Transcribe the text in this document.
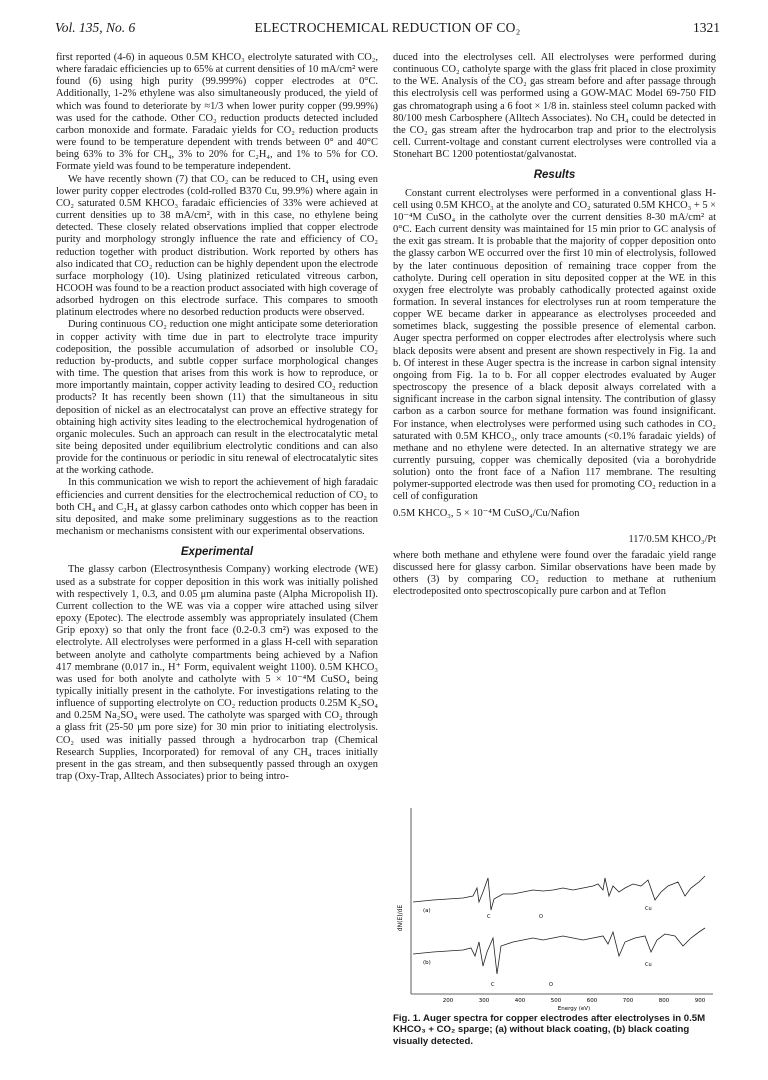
Vol. 135, No. 6	ELECTROCHEMICAL REDUCTION OF CO₂	1321

first reported (4-6) in aqueous 0.5M KHCO₃ electrolyte saturated with CO₂, where faradaic efficiencies up to 65% at current densities of 10 mA/cm² were found (6) using high purity (99.999%) copper electrodes at 0°C. Additionally, 1-2% ethylene was also simultaneously produced, the yield of which was found to deteriorate by ≈1/3 when lower purity copper (99.99%) was used for the cathode. Other CO₂ reduction products detected included carbon monoxide and formate. Faradaic yields for CO₂ reduction products were found to be temperature dependent with trends between 0° and 40°C being 63% to 3% for CH₄, 3% to 20% for C₂H₄, and 1% to 5% for CO. Formate yield was found to be temperature independent.

We have recently shown (7) that CO₂ can be reduced to CH₄ using even lower purity copper electrodes (cold-rolled B370 Cu, 99.9%) where again in CO₂ saturated 0.5M KHCO₃ faradaic efficiencies of 33% were achieved at current densities up to 38 mA/cm², with in this case, no ethylene being detected. These closely related observations implied that copper electrode purity and morphology strongly influence the rate and efficiency of CO₂ reduction together with product distribution. Work reported by others has also indicated that CO₂ reduction can be highly dependent upon the electrode surface morphology (10). Using platinized reticulated vitreous carbon, HCOOH was found to be a reaction product associated with high coverage of adsorbed hydrogen on this electrode surface. This compares to smooth platinum electrodes where no desorbed reduction products were observed.

During continuous CO₂ reduction one might anticipate some deterioration in copper activity with time due in part to electrolyte trace impurity codeposition, the possible accumulation of adsorbed or insoluble CO₂ reduction by-products, and subtle copper surface morphological changes with time. The question that arises from this work is how to reproduce, or more importantly maintain, copper activity leading to desired CO₂ reduction products? It has recently been shown (11) that the simultaneous in situ deposition of nickel as an electrocatalyst can prove an effective strategy for obtaining high activity sites leading to the electrochemical hydrogenation of organic molecules. Such an approach can result in the electrocatalytic metal site being deposited under equilibrium electrolytic conditions and can also provide for the continuous or periodic in situ renewal of electrocatalytic sites at the working cathode.

In this communication we wish to report the achievement of high faradaic efficiencies and current densities for the electrochemical reduction of CO₂ to both CH₄ and C₂H₄ at glassy carbon cathodes onto which copper has been in situ deposited, and make some preliminary suggestions as to the reaction mechanism or mechanisms consistent with our experimental observations.

Experimental

The glassy carbon (Electrosynthesis Company) working electrode (WE) used as a substrate for copper deposition in this work was initially polished with respectively 1, 0.3, and 0.05 μm alumina paste (Alpha Micropolish II). Current collection to the WE was via a copper wire attached using silver epoxy (Epotec). The electrode assembly was appropriately insulated (Chem Grip epoxy) so that only the front face (0.2-0.3 cm²) was exposed to the electrolyte. All electrolyses were performed in a glass H-cell with separation between anolyte and catholyte compartments being achieved by a Nafion 417 membrane (0.017 in., H⁺ Form, equivalent weight 1100). 0.5M KHCO₃ was used for both anolyte and catholyte with 5 × 10⁻⁴M CuSO₄ being typically initially present in the catholyte. For investigations relating to the influence of supporting electrolyte on CO₂ reduction products 0.25M K₂SO₄ and 0.25M Na₂SO₄ were used. The catholyte was sparged with CO₂ through a glass frit (25-50 μm pore size) for 30 min prior to initiating electrolysis. CO₂ used was initially passed through a hydrocarbon trap (Chemical Research Supplies, Incorporated) for removal of any CH₄ traces initially present in the gas stream, and then subsequently passed through an oxygen trap (Oxy-Trap, Alltech Associates) prior to being intro-

duced into the electrolyses cell. All electrolyses were performed during continuous CO₂ catholyte sparge with the glass frit placed in close proximity to the WE. Analysis of the CO₂ gas stream before and after passage through this electrolysis cell was performed using a GOW-MAC Model 69-750 FID gas chromatograph using a 6 foot × 1/8 in. stainless steel column packed with 80/100 mesh Carbosphere (Alltech Associates). No CH₄ could be detected in the CO₂ gas stream after the hydrocarbon trap and prior to the electrolysis cell. Current-voltage and constant current electrolyses were controlled via a Stonehart BC 1200 potentiostat/galvanostat.

Results

Constant current electrolyses were performed in a conventional glass H-cell using 0.5M KHCO₃ at the anolyte and CO₂ saturated 0.5M KHCO₃ + 5 × 10⁻⁴M CuSO₄ in the catholyte over the current densities 8-30 mA/cm² at 0°C. Each current density was maintained for 15 min prior to GC analysis of the exit gas stream. It is probable that the majority of copper deposition onto the glassy carbon WE occurred over the first 10 min of electrolysis, followed by the later continuous deposition of remaining trace copper from the catholyte. During cell operation in situ deposited copper at the WE in this oxygen free electrolyte was probably cathodically protected against oxide formation. In several instances for electrolyses run at room temperature the copper WE became darker in appearance as electrolyses proceeded and sometimes black, suggesting the possible presence of elemental carbon. Auger spectra performed on copper electrodes after electrolysis where such black deposits were absent and present are shown respectively in Fig. 1a and b. Of interest in these Auger spectra is the increase in carbon signal intensity ongoing from Fig. 1a to b. For all copper electrodes evaluated by Auger spectroscopy the presence of a black deposit always correlated with a significant increase in the carbon signal intensity. The contribution of glassy carbon as a carbon source for methane formation was found insignificant. For instance, when electrolyses were performed using such cathodes in CO₂ saturated with 0.5M KHCO₃, only trace amounts (<0.1% faradaic yields) of methane and no ethylene were detected. In an alternative strategy we are currently pursuing, copper was chemically deposited (via a borohydride solution) onto the front face of a Nafion 117 membrane. The resulting polymer-supported electrode was then used for promoting CO₂ reduction in a cell of configuration

0.5M KHCO₃, 5 × 10⁻⁴M CuSO₄/Cu/Nafion
117/0.5M KHCO₃/Pt

where both methane and ethylene were found over the faradaic yield range discussed here for glassy carbon. Similar observations have been made by others (3) by comparing CO₂ reduction to methane at ruthenium electrodeposited onto spectroscopically pure carbon and at Teflon

dN(E)/dE	(a)
(b)
C	O
Cu
C	O
Cu
200	300	400	500	600	700	800	900
Energy (eV)
Fig. 1. Auger spectra for copper electrodes after electrolyses in 0.5M KHCO₃ + CO₂ sparge; (a) without black coating, (b) black coating visually detected.
